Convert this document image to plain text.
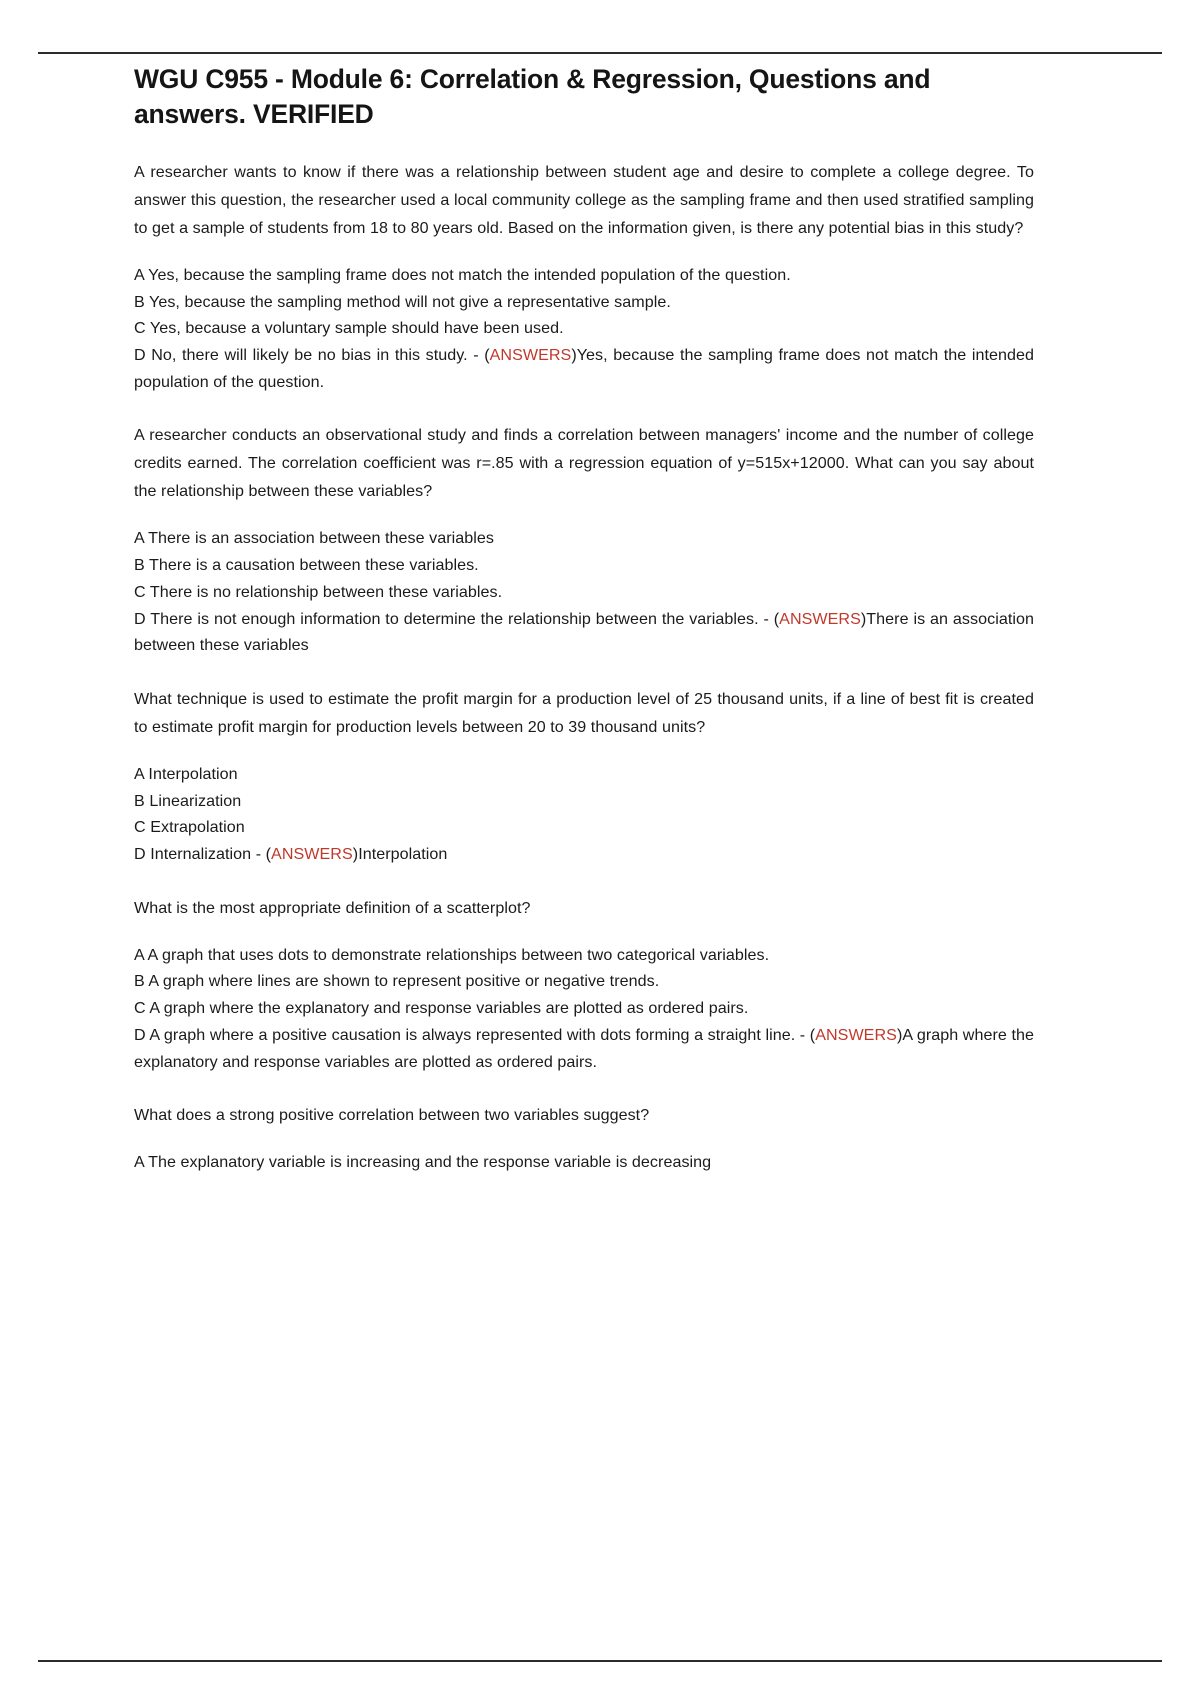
WGU C955 - Module 6: Correlation & Regression, Questions and answers. VERIFIED

A researcher wants to know if there was a relationship between student age and desire to complete a college degree. To answer this question, the researcher used a local community college as the sampling frame and then used stratified sampling to get a sample of students from 18 to 80 years old. Based on the information given, is there any potential bias in this study?

A Yes, because the sampling frame does not match the intended population of the question.
B Yes, because the sampling method will not give a representative sample.
C Yes, because a voluntary sample should have been used.
D No, there will likely be no bias in this study. - (ANSWERS)Yes, because the sampling frame does not match the intended population of the question.

A researcher conducts an observational study and finds a correlation between managers' income and the number of college credits earned. The correlation coefficient was r=.85 with a regression equation of y=515x+12000. What can you say about the relationship between these variables?

A There is an association between these variables
B There is a causation between these variables.
C There is no relationship between these variables.
D There is not enough information to determine the relationship between the variables. - (ANSWERS)There is an association between these variables

What technique is used to estimate the profit margin for a production level of 25 thousand units, if a line of best fit is created to estimate profit margin for production levels between 20 to 39 thousand units?

A Interpolation
B Linearization
C Extrapolation
D Internalization - (ANSWERS)Interpolation

What is the most appropriate definition of a scatterplot?

A A graph that uses dots to demonstrate relationships between two categorical variables.
B A graph where lines are shown to represent positive or negative trends.
C A graph where the explanatory and response variables are plotted as ordered pairs.
D A graph where a positive causation is always represented with dots forming a straight line. - (ANSWERS)A graph where the explanatory and response variables are plotted as ordered pairs.

What does a strong positive correlation between two variables suggest?

A The explanatory variable is increasing and the response variable is decreasing
